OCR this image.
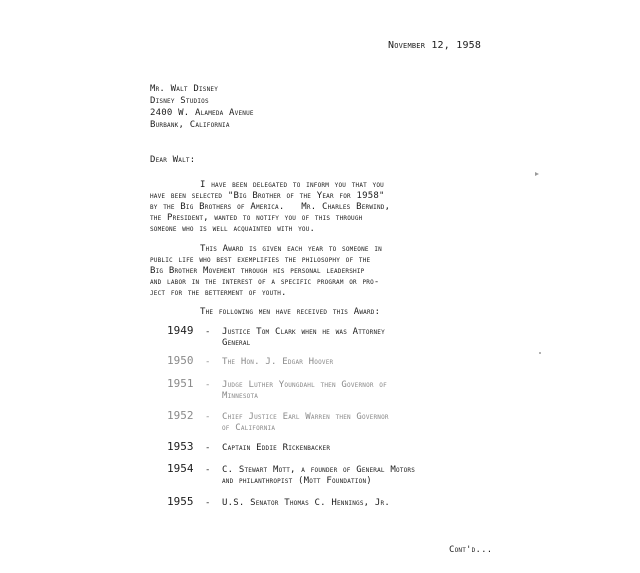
November 12, 1958

Mr. Walt Disney

Disney Studios

2400 W. Alameda Avenue

Burbank, California

Dear Walt:

I have been delegated to inform you that you

have been selected "Big Brother of the Year for 1958"

by the Big Brothers of America.   Mr. Charles Berwind,

the President, wanted to notify you of this through

someone who is well acquainted with you.

This Award is given each year to someone in

public life who best exemplifies the philosophy of the

Big Brother Movement through his personal leadership

and labor in the interest of a specific program or pro-

ject for the betterment of youth.

The following men have received this Award:

1949 - Justice Tom Clark when he was Attorney

General

1950 - The Hon. J. Edgar Hoover

1951 - Judge Luther Youngdahl then Governor of

Minnesota

1952 - Chief Justice Earl Warren then Governor

of California

1953 - Captain Eddie Rickenbacker

1954 - C. Stewart Mott, a founder of General Motors

and philanthropist (Mott Foundation)

1955 - U.S. Senator Thomas C. Hennings, Jr.

Cont'd...
